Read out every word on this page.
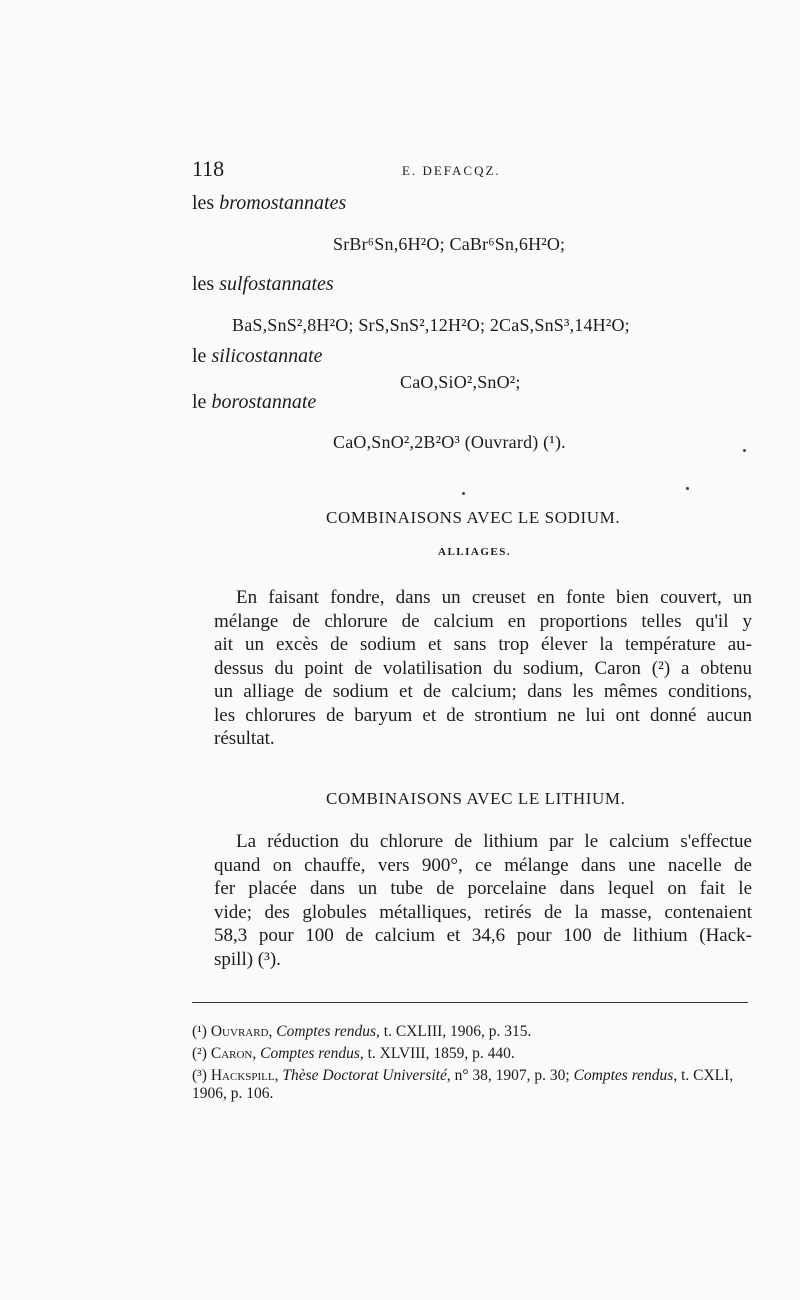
118	E. DEFACQZ.
les bromostannates
SrBr⁶Sn,6H²O; CaBr⁶Sn,6H²O;
les sulfostannates
BaS,SnS²,8H²O; SrS,SnS²,12H²O; 2CaS,SnS³,14H²O;
le silicostannate
CaO,SiO²,SnO²;
le borostannate
CaO,SnO²,2B²O³ (Ouvrard) (¹).
COMBINAISONS AVEC LE SODIUM.
ALLIAGES.
En faisant fondre, dans un creuset en fonte bien couvert, un
mélange de chlorure de calcium en proportions telles qu'il y
ait un excès de sodium et sans trop élever la température au-
dessus du point de volatilisation du sodium, Caron (²) a obtenu
un alliage de sodium et de calcium; dans les mêmes conditions,
les chlorures de baryum et de strontium ne lui ont donné aucun
résultat.
COMBINAISONS AVEC LE LITHIUM.
La réduction du chlorure de lithium par le calcium s'effectue
quand on chauffe, vers 900°, ce mélange dans une nacelle de
fer placée dans un tube de porcelaine dans lequel on fait le
vide; des globules métalliques, retirés de la masse, contenaient
58,3 pour 100 de calcium et 34,6 pour 100 de lithium (Hack-
spill) (³).
(¹) Ouvrard, Comptes rendus, t. CXLIII, 1906, p. 315.
(²) Caron, Comptes rendus, t. XLVIII, 1859, p. 440.
(³) Hackspill, Thèse Doctorat Université, n° 38, 1907, p. 30; Comptes rendus, t. CXLI, 1906, p. 106.
